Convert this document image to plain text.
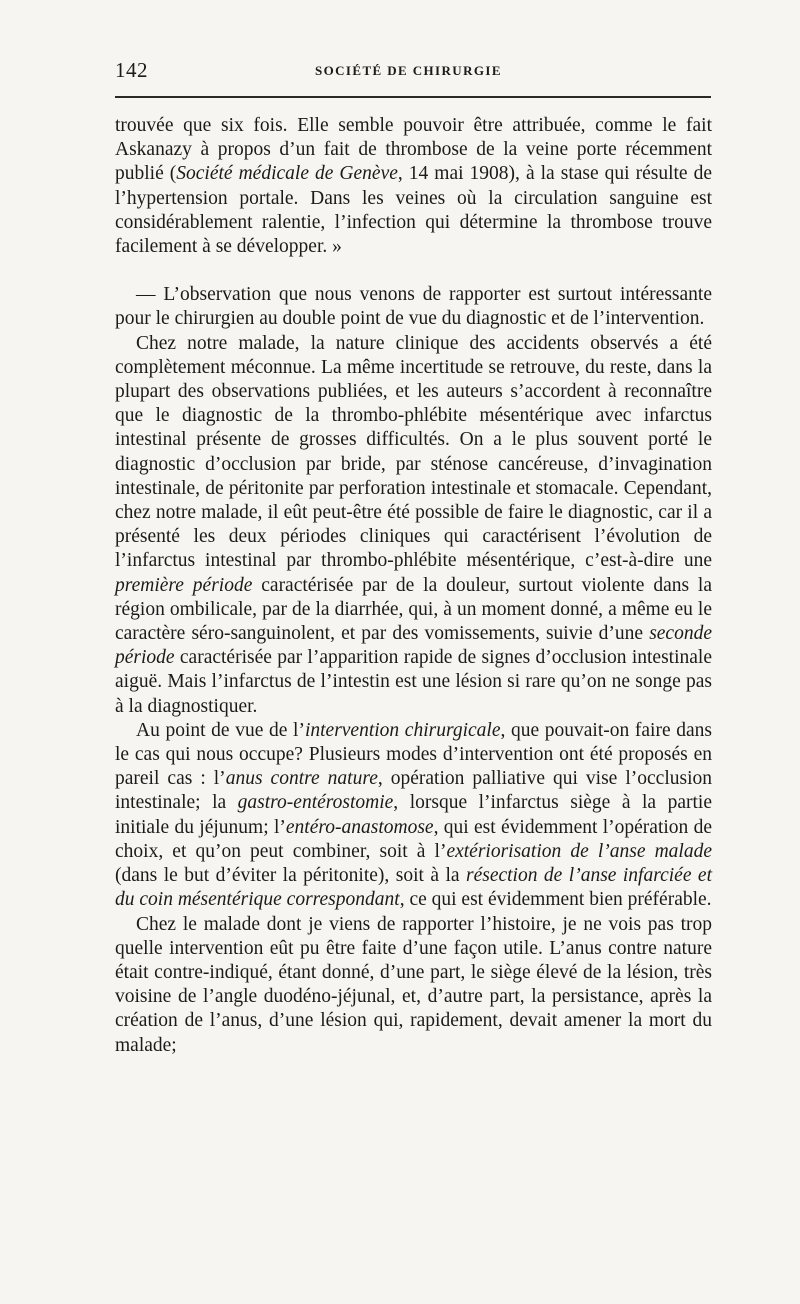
142	SOCIÉTÉ DE CHIRURGIE

trouvée que six fois. Elle semble pouvoir être attribuée, comme le fait Askanazy à propos d’un fait de thrombose de la veine porte récemment publié (Société médicale de Genève, 14 mai 1908), à la stase qui résulte de l’hypertension portale. Dans les veines où la circulation sanguine est considérablement ralentie, l’infection qui détermine la thrombose trouve facilement à se développer. »

— L’observation que nous venons de rapporter est surtout intéressante pour le chirurgien au double point de vue du diagnostic et de l’intervention.

Chez notre malade, la nature clinique des accidents observés a été complètement méconnue. La même incertitude se retrouve, du reste, dans la plupart des observations publiées, et les auteurs s’accordent à reconnaître que le diagnostic de la thrombo-phlébite mésentérique avec infarctus intestinal présente de grosses difficultés. On a le plus souvent porté le diagnostic d’occlusion par bride, par sténose cancéreuse, d’invagination intestinale, de péritonite par perforation intestinale et stomacale. Cependant, chez notre malade, il eût peut-être été possible de faire le diagnostic, car il a présenté les deux périodes cliniques qui caractérisent l’évolution de l’infarctus intestinal par thrombo-phlébite mésentérique, c’est-à-dire une première période caractérisée par de la douleur, surtout violente dans la région ombilicale, par de la diarrhée, qui, à un moment donné, a même eu le caractère séro-sanguinolent, et par des vomissements, suivie d’une seconde période caractérisée par l’apparition rapide de signes d’occlusion intestinale aiguë. Mais l’infarctus de l’intestin est une lésion si rare qu’on ne songe pas à la diagnostiquer.

Au point de vue de l’intervention chirurgicale, que pouvait-on faire dans le cas qui nous occupe? Plusieurs modes d’intervention ont été proposés en pareil cas : l’anus contre nature, opération palliative qui vise l’occlusion intestinale; la gastro-entérostomie, lorsque l’infarctus siège à la partie initiale du jéjunum; l’entéro-anastomose, qui est évidemment l’opération de choix, et qu’on peut combiner, soit à l’extériorisation de l’anse malade (dans le but d’éviter la péritonite), soit à la résection de l’anse infarciée et du coin mésentérique correspondant, ce qui est évidemment bien préférable.

Chez le malade dont je viens de rapporter l’histoire, je ne vois pas trop quelle intervention eût pu être faite d’une façon utile. L’anus contre nature était contre-indiqué, étant donné, d’une part, le siège élevé de la lésion, très voisine de l’angle duodéno-jéjunal, et, d’autre part, la persistance, après la création de l’anus, d’une lésion qui, rapidement, devait amener la mort du malade;
